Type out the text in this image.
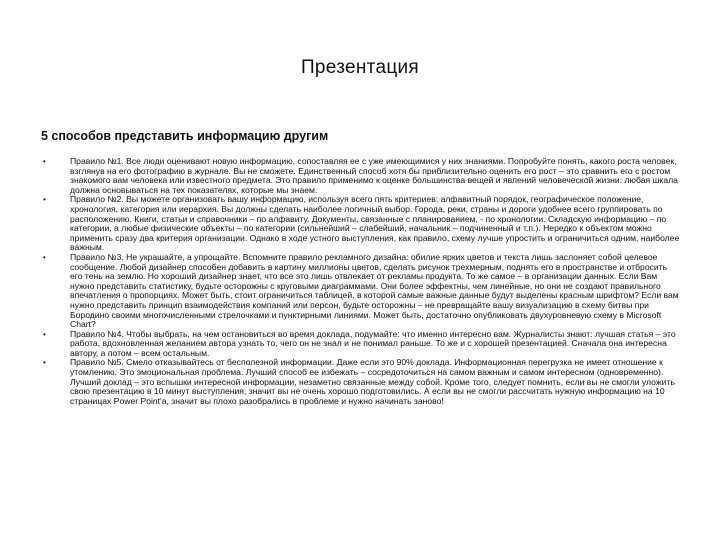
Презентация
5 способов представить информацию другим
•	Правило №1. Все люди оценивают новую информацию, сопоставляя ее с уже имеющимися у них знаниями. Попробуйте понять, какого роста человек, взглянув на его фотографию в журнале. Вы не сможете. Единственный способ хотя бы приблизительно оценить его рост – это сравнить его с ростом знакомого вам человека или известного предмета. Это правило применимо к оценке большинства вещей и явлений человеческой жизни: любая шкала должна основываться на тех показателях, которые мы знаем.
•	Правило №2. Вы можете организовать вашу информацию, используя всего пять критериев: алфавитный порядок, географическое положение, хронология, категория или иерархия. Вы должны сделать наиболее логичный выбор. Города, реки, страны и дороги удобнее всего группировать по расположению. Книги, статьи и справочники – по алфавиту. Документы, связанные с планированием, - по хронологии. Складскую информацию – по категории, а любые физические объекты – по категории (сильнейший – слабейший, начальник – подчиненный и т.п.). Нередко к объектом можно применить сразу два критерия организации. Однако в ходе устного выступления, как правило, схему лучше упростить и ограничиться одним, наиболее важным.
•	Правило №3. Не украшайте, а упрощайте. Вспомните правило рекламного дизайна: обилие ярких цветов и текста лишь заслоняет собой целевое сообщение. Любой дизайнер способен добавить в картину миллионы цветов, сделать рисунок трехмерным, поднять его в пространстве и отбросить его тень на землю. Но хороший дизайнер знает, что все это лишь отвлекает от рекламы продукта. То же самое – в организации данных. Если Вам нужно представить статистику, будьте осторожны с круговыми диаграммами. Они более эффектны, чем линейные, но они не создают правильного впечатления о пропорциях. Может быть, стоит ограничиться таблицей, в которой самые важные данные будут выделены красным шрифтом? Если вам нужно представить принцип взаимодействия компаний или персон, будьте осторожны – не превращайте вашу визуализацию в схему битвы при Бородино своими многочисленными стрелочками и пунктирными линиями. Может быть, достаточно опубликовать двухуровневую схему в Microsoft Chart?
•	Правило №4. Чтобы выбрать, на чем остановиться во время доклада, подумайте: что именно интересно вам. Журналисты знают: лучшая статья – это работа, вдохновленная желанием автора узнать то, чего он не знал и не понимал раньше. То же и с хорошей презентацией. Сначала она интересна автору, а потом – всем остальным.
•	Правило №5. Смело отказывайтесь от бесполезной информации. Даже если это 90% доклада. Информационная перегрузка не имеет отношение к утомлению. Это эмоциональная проблема. Лучший способ ее избежать – сосредоточиться на самом важным и самом интересном (одновременно). Лучший доклад – это вспышки интересной информации, незаметно связанные между собой. Кроме того, следует помнить, если вы не смогли уложить свою презентацию в 10 минут выступления, значит вы не очень хорошо подготовились. А если вы не смогли рассчитать нужную информацию на 10 страницах Power Point'a, значит вы плохо разобрались в проблеме и нужно начинать заново!
